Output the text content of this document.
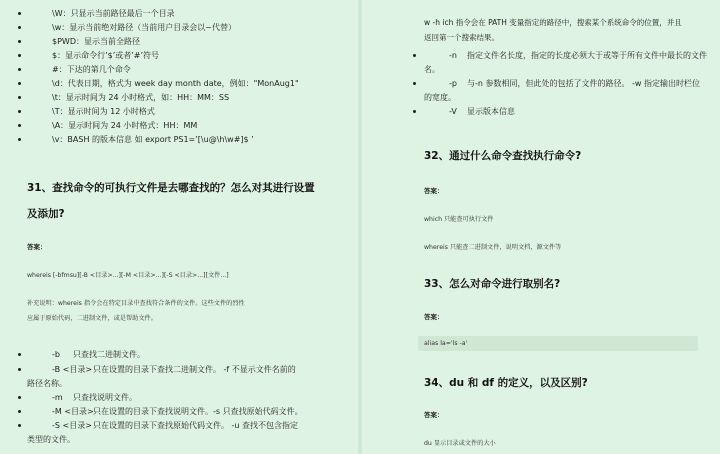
\W：只显示当前路径最后一个目录
\w：显示当前绝对路径（当前用户目录会以~代替）
$PWD：显示当前全路径
$：显示命令行’$’或者’#’符号
#：下达的第几个命令
\d：代表日期，格式为 week day month date，例如："MonAug1"
\t：显示时间为 24 小时格式，如：HH：MM：SS
\T：显示时间为 12 小时格式
\A：显示时间为 24 小时格式：HH：MM
\v：BASH 的版本信息 如 export PS1=’[\u@\h\w#]$ ’
31、查找命令的可执行文件是去哪查找的？怎么对其进行设置
及添加?
答案：
whereis [-bfmsu][-B <目录>...][-M <目录>...][-S <目录>...][文件...]
补充说明：whereis 指令会在特定目录中查找符合条件的文件。这些文件的烈性
应属于原始代码，二进制文件，或是帮助文件。
-b 只查找二进制文件。
-B <目录> 只在设置的目录下查找二进制文件。 -f 不显示文件名前的
路径名称。
-m 只查找说明文件。
-M <目录> 只在设置的目录下查找说明文件。-s 只查找原始代码文件。
-S <目录> 只在设置的目录下查找原始代码文件。 -u 查找不包含指定
类型的文件。
w -h ich 指令会在 PATH 变量指定的路径中，搜索某个系统命令的位置，并且
返回第一个搜索结果。
-n 指定文件名长度，指定的长度必须大于或等于所有文件中最长的文件
名。
-p 与-n 参数相同，但此处的包括了文件的路径。 -w 指定输出时栏位
的宽度。
-V 显示版本信息
32、通过什么命令查找执行命令?
答案：
which 只能查可执行文件
whereis 只能查二进制文件，说明文档，源文件等
33、怎么对命令进行取别名?
答案：
alias la='ls -a'
34、du 和 df 的定义，以及区别?
答案：
du 显示目录或文件的大小
